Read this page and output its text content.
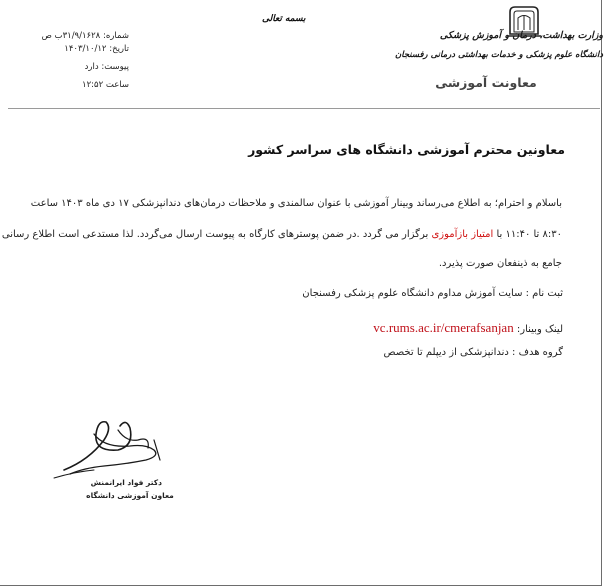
وزارت بهداشت، درمان و آموزش پزشکی
دانشگاه علوم پزشکی و خدمات بهداشتی درمانی رفسنجان
معاونت آموزشی
بسمه تعالی
شماره: ۳۱/۹/۱۶۲۸ب ص
تاریخ: ۱۴۰۳/۱۰/۱۲
پیوست: دارد
ساعت ۱۲:۵۲
معاونین محترم آموزشی دانشگاه های سراسر کشور
باسلام و احترام؛ به اطلاع می‌رساند وبینار آموزشی با عنوان سالمندی و ملاحظات درمان‌های دندانپزشکی ۱۷ دی ماه ۱۴۰۳ ساعت
۸:۳۰ تا ۱۱:۴۰ با امتیاز بازآموزی برگزار می گردد .در ضمن پوسترهای کارگاه به پیوست ارسال می‌گردد. لذا مستدعی است اطلاع رسانی
جامع به ذینفعان صورت پذیرد.
ثبت نام : سایت آموزش مداوم دانشگاه علوم پزشکی رفسنجان
لینک وبینار: vc.rums.ac.ir/cmerafsanjan
گروه هدف : دندانپزشکی از دیپلم تا تخصص
دکتر فواد ایرانمنش
معاون آموزشی دانشگاه
